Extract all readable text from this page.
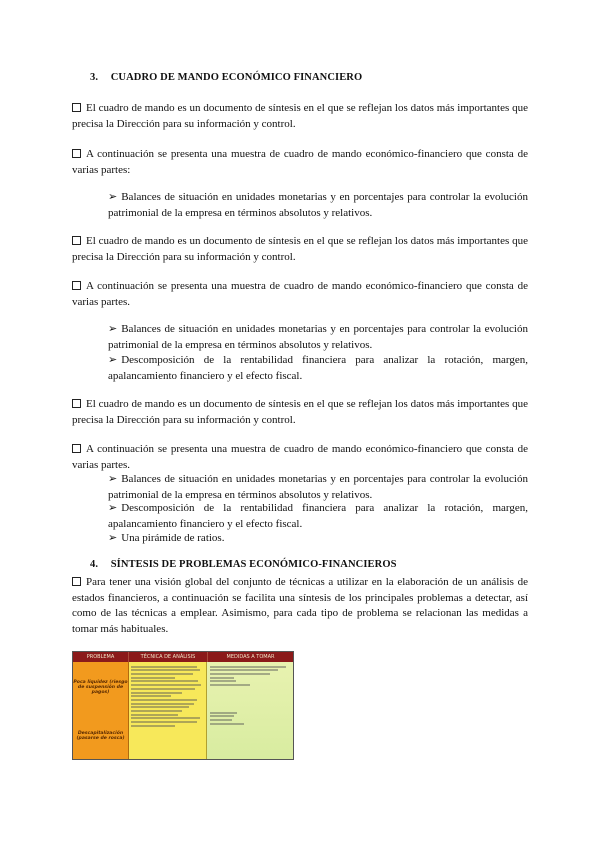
3. CUADRO DE MANDO ECONÓMICO FINANCIERO
El cuadro de mando es un documento de síntesis en el que se reflejan los datos más importantes que precisa la Dirección para su información y control.
A continuación se presenta una muestra de cuadro de mando económico-financiero que consta de varias partes:
➢ Balances de situación en unidades monetarias y en porcentajes para controlar la evolución patrimonial de la empresa en términos absolutos y relativos.
El cuadro de mando es un documento de síntesis en el que se reflejan los datos más importantes que precisa la Dirección para su información y control.
A continuación se presenta una muestra de cuadro de mando económico-financiero que consta de varias partes.
➢ Balances de situación en unidades monetarias y en porcentajes para controlar la evolución patrimonial de la empresa en términos absolutos y relativos.
➢ Descomposición de la rentabilidad financiera para analizar la rotación, margen, apalancamiento financiero y el efecto fiscal.
El cuadro de mando es un documento de síntesis en el que se reflejan los datos más importantes que precisa la Dirección para su información y control.
A continuación se presenta una muestra de cuadro de mando económico-financiero que consta de varias partes.
➢ Balances de situación en unidades monetarias y en porcentajes para controlar la evolución patrimonial de la empresa en términos absolutos y relativos.
➢ Descomposición de la rentabilidad financiera para analizar la rotación, margen, apalancamiento financiero y el efecto fiscal.
➢ Una pirámide de ratios.
4. SÍNTESIS DE PROBLEMAS ECONÓMICO-FINANCIEROS
Para tener una visión global del conjunto de técnicas a utilizar en la elaboración de un análisis de estados financieros, a continuación se facilita una síntesis de los principales problemas a detectar, así como de las técnicas a emplear. Asimismo, para cada tipo de problema se relacionan las medidas a tomar más habituales.
PROBLEMA	TÉCNICA DE ANÁLISIS	MEDIDAS A TOMAR
Poca liquidez (riesgo de suspensión de pagos)
Descapitalización (pasarse de rosca)
